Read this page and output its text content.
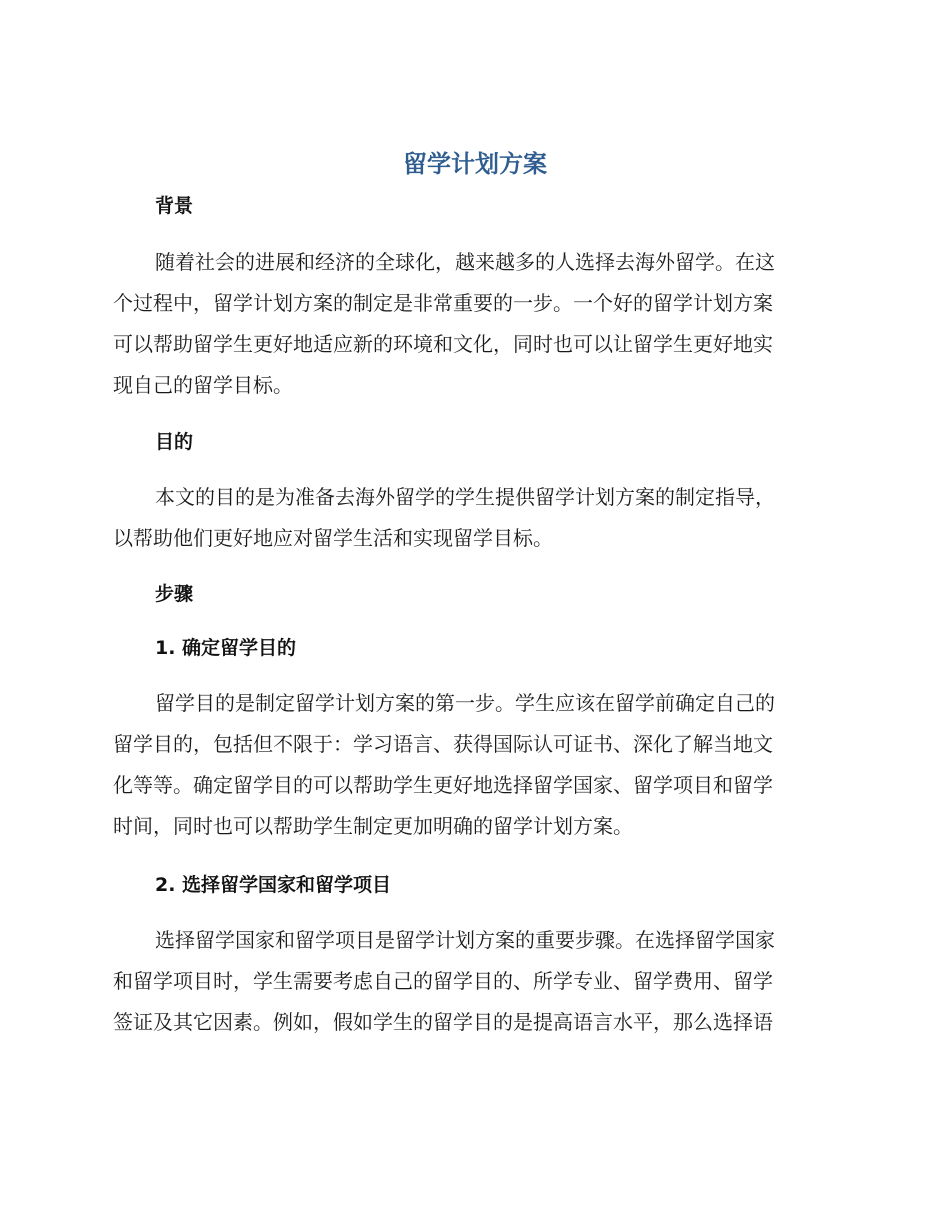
留学计划方案
背景
随着社会的进展和经济的全球化，越来越多的人选择去海外留学。在这
个过程中，留学计划方案的制定是非常重要的一步。一个好的留学计划方案
可以帮助留学生更好地适应新的环境和文化，同时也可以让留学生更好地实
现自己的留学目标。
目的
本文的目的是为准备去海外留学的学生提供留学计划方案的制定指导，
以帮助他们更好地应对留学生活和实现留学目标。
步骤
1. 确定留学目的
留学目的是制定留学计划方案的第一步。学生应该在留学前确定自己的
留学目的，包括但不限于：学习语言、获得国际认可证书、深化了解当地文
化等等。确定留学目的可以帮助学生更好地选择留学国家、留学项目和留学
时间，同时也可以帮助学生制定更加明确的留学计划方案。
2. 选择留学国家和留学项目
选择留学国家和留学项目是留学计划方案的重要步骤。在选择留学国家
和留学项目时，学生需要考虑自己的留学目的、所学专业、留学费用、留学
签证及其它因素。例如，假如学生的留学目的是提高语言水平，那么选择语
